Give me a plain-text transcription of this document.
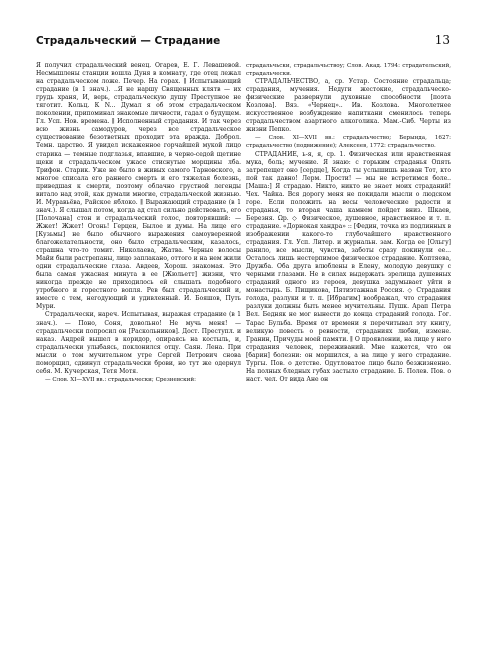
Страдальческий — Страдание	13

Я получил страдальческий венец. Огарев, Е. Г. Левашевой. Несмышлены станции вошла Дуня в комнату, где отец лежал на страдальческом ложе. Печер. На горах. ∥ Испытывающий страдание (в 1 знач.). ..Я не наршу Священных клятв — их грудь храня, И, верь, страдальческую душу Преступное не тяготит. Кольц. К N... Думал я об этом страдальческом поколении, припоминал знакомые личности, гадал о будущем. Гл. Усп. Нов. времена. ∥ Исполненный страдания. И так через всю жизнь самодуров, через все страдальческое существование безответных проходит эта вражда. Доброл. Темн. царство. Я увидел искаженное горчайшей мукой лицо старика — темные подглазья, впавшие, в черно-седой щетине щеки и страдальческом ужасе стиснутые морщины лба. Трифон. Старик. Уже не было в живых самого Тарновского, а многое списала его раннего смерть и его тяжелая болезнь, приведшая к смерти, поэтому облачно грустной легенды витало над этой, как думали многие, страдальческой жизнью. И. Муравьёва, Райское яблоко. ∥ Выражающий страдание (в 1 знач.). Я слышал потом, когда ад стал сильно действовать, его [Полочана] стон и страдальческий голос, повторявший: — Жжет! Жжет! Огонь! Герцен, Былое и думы. На лице его [Кузьмы] не было обычного выражения самоуверенной благожелательности, оно было страдальческим, казалось, страшна что-то томит. Николаева, Жатва. Черные волосы Майи были растрепаны, лицо заплакано, оттого и на нем жили одни страдальческие глаза. Авдеев, Хорош. знакомая. Это была самая ужасная минута в ее [Жюльетт] жизни, что никогда прежде не приходилось ей слышать подобного утробного и горестного вопля. Рев был страдальческий и, вместе с тем, негодующий и удивленный. И. Бояшов, Путь Мури.

Страдальчески, нареч. Испытывая, выражая страдание (в 1 знач.). — Поно, Соня, довольно! Не мучь меня! — страдальчески попросил он [Раскольников]. Дост. Преступл. и наказ. Андрей вышел в коридор, опираясь на костыль, и, страдальчески улыбаясь, поклонился отцу. Саян. Лена. При мысли о том мучительном утре Сергей Петрович снова поморщил, сдвинул страдальчески брови, но тут же одернул себя. М. Кучерская, Тетя Мотя.

— Слов. XI—XVII вв.: страдальчески; Срезневский:

страдальчьски, страдальчьствоу; Слов. Акад. 1794: страдательский, страдальчески.

СТРАДАЛЬЧЕСТВО, а, ср. Устар. Состояние страдальца; страдания, мучения. Недуги жестокие, страдальческо-физические развернули духовные способности [поэта Козлова]. Вяз. «Чернец».. Ив. Козлова. Многолетнее искусственное возбуждение напиткани сменилось теперь страдальчеством азартного алкоголика. Мам.-Сиб. Черты из жизни Пепко.

— Слов. XI—XVII вв.: страдальчество; Берында, 1627: страдальчество (подвижение); Алексеев, 1772: страдальчество.

СТРАДАНИЕ, ь-я, я, ср. 1. Физическая или нравственная мука, боль; мучение. Я знаю: с горьким страданья Опять затрепещет оно [сердце], Когда ты услышишь назван Тот, кто пой так давно! Лерм. Прости! — мы не встретимся боле.. [Маша:] Я страдаю. Никто, никто не знает моих страданий! Чех. Чайка. Вся дорогу меня не покидали мысли о людском горе. Если положить на весы человеческие радости и страданья, то вторая чаша камнем пойдет вниз. Шкаев, Березня. Ωр. ◇ Физическое, душевное, нравственное и т. п. страдание. «Дорнокая хандра» :: [Федин, точка из подлинных в изображении какого-то глубочайшего нравственного страдания. Гл. Усп. Литер. и журнальн. зам. Когда ее [Ольгу] ранило, все мысли, чувства, заботы сразу покинули ее... Осталось лишь нестерпимое физическое страдание. Коптяева, Дружба. Оба друга влюблены в Елену, молодую девушку с черными глазами. Не в силах выдержать зрелища душевных страданий одного из героев, девушка задумывает уйти в монастырь. Б. Пищикова, Пятиэтажная Россия. ◇ Страдания голода, разлуки и т. п. [Ибрагим] воображал, что страдания разлуки должны быть менее мучительны. Пушк. Арап Петра Вел. Бедняк не мог вынести до конца страданий голода. Гог. Тарас Бульба. Время от времени я перечитывал эту книгу, великую повесть о ревности, страданиях любви, измене. Гранин, Причуды моей памяти. ∥ О проявлении, на лице у него страдания человек, переживаний. Мне кажется, что он [барин] болезни: он моршился, а на лице у него страдание. Тургы. Пов. о детстве. Одутловатое лицо было безжизненно. На полных бледных губах застыло страдание. Б. Полев. Пов. о наст. чел. От вида Ане он
